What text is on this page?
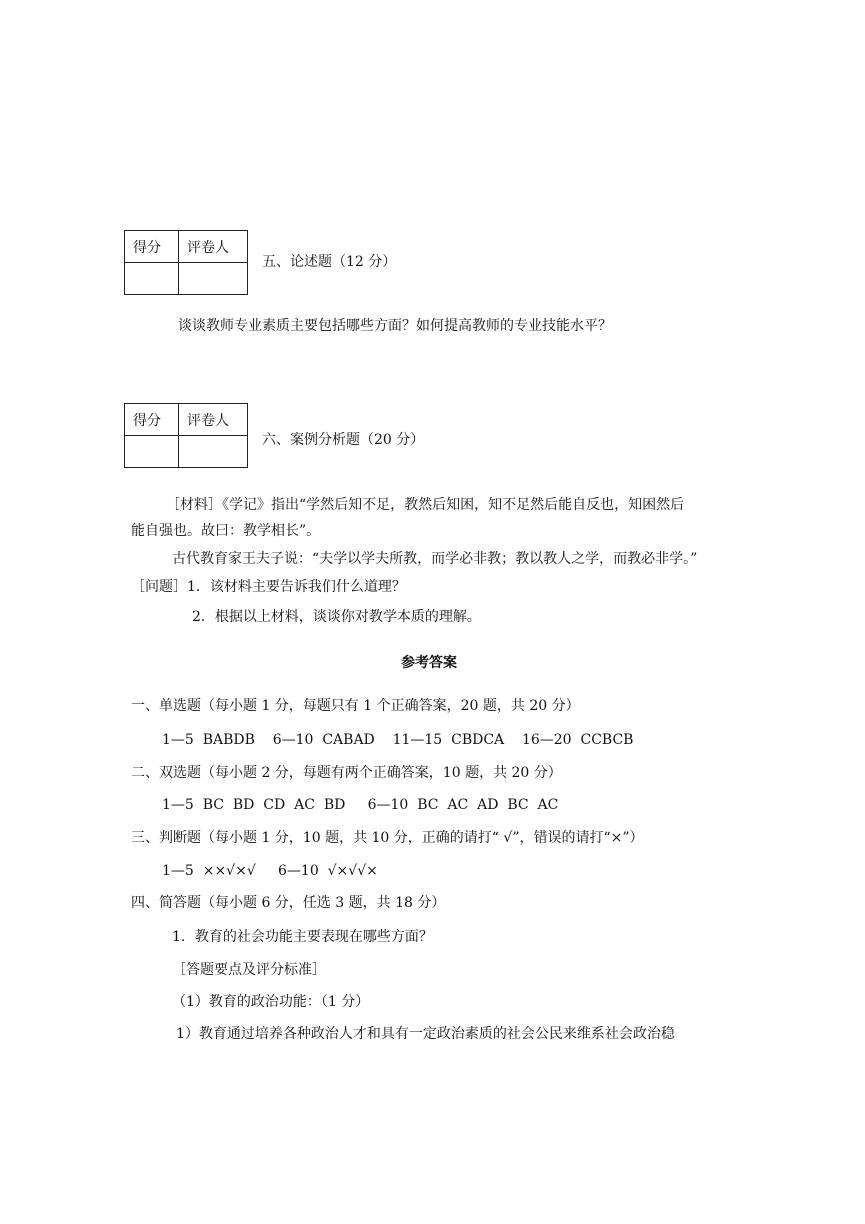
得分	评卷人

五、论述题（12 分）
谈谈教师专业素质主要包括哪些方面？如何提高教师的专业技能水平？
得分	评卷人

六、案例分析题（20 分）
［材料］《学记》指出“学然后知不足，教然后知困，知不足然后能自反也，知困然后
能自强也。故曰：教学相长”。
古代教育家王夫子说：“夫学以学夫所教，而学必非教；教以教人之学，而教必非学。”
［问题］1．该材料主要告诉我们什么道理？
2．根据以上材料，谈谈你对教学本质的理解。
参考答案
一、单选题（每小题 1 分，每题只有 1 个正确答案，20 题，共 20 分）
1—5  BABDB    6—10  CABAD    11—15  CBDCA    16—20  CCBCB
二、双选题（每小题 2 分，每题有两个正确答案，10 题，共 20 分）
1—5  BC  BD  CD  AC  BD     6—10  BC  AC  AD  BC  AC
三、判断题（每小题 1 分，10 题，共 10 分，正确的请打“ √”，错误的请打“×”）
1—5  ××√×√     6—10  √×√√×
四、简答题（每小题 6 分，任选 3 题，共 18 分）
1．教育的社会功能主要表现在哪些方面？
［答题要点及评分标准］
（1）教育的政治功能：（1 分）
1）教育通过培养各种政治人才和具有一定政治素质的社会公民来维系社会政治稳
